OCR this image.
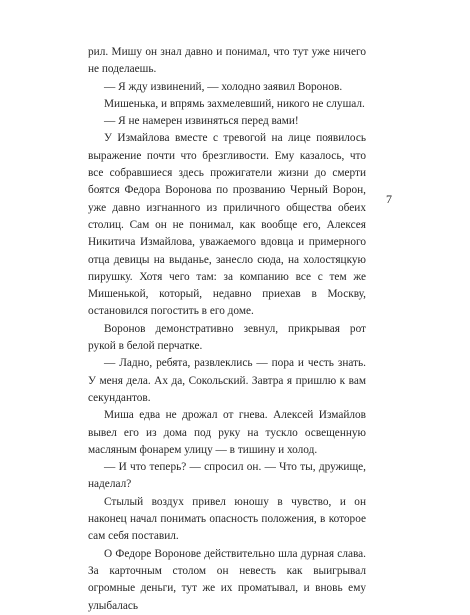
рил. Мишу он знал давно и понимал, что тут уже ничего не поделаешь.

— Я жду извинений, — холодно заявил Воронов.

Мишенька, и впрямь захмелевший, никого не слушал.

— Я не намерен извиняться перед вами!

У Измайлова вместе с тревогой на лице появилось выражение почти что брезгливости. Ему казалось, что все собравшиеся здесь прожигатели жизни до смерти боятся Федора Воронова по прозванию Черный Ворон, уже давно изгнанного из приличного общества обеих столиц. Сам он не понимал, как вообще его, Алексея Никитича Измайлова, уважаемого вдовца и примерного отца девицы на выданье, занесло сюда, на холостяцкую пирушку. Хотя чего там: за компанию все с тем же Мишенькой, который, недавно приехав в Москву, остановился погостить в его доме.

Воронов демонстративно зевнул, прикрывая рот рукой в белой перчатке.

— Ладно, ребята, развлеклись — пора и честь знать. У меня дела. Ах да, Сокольский. Завтра я пришлю к вам секундантов.

Миша едва не дрожал от гнева. Алексей Измайлов вывел его из дома под руку на тускло освещенную масляным фонарем улицу — в тишину и холод.

— И что теперь? — спросил он. — Что ты, дружище, наделал?

Стылый воздух привел юношу в чувство, и он наконец начал понимать опасность положения, в которое сам себя поставил.

О Федоре Воронове действительно шла дурная слава. За карточным столом он невесть как выигрывал огромные деньги, тут же их проматывал, и вновь ему улыбалась

7
